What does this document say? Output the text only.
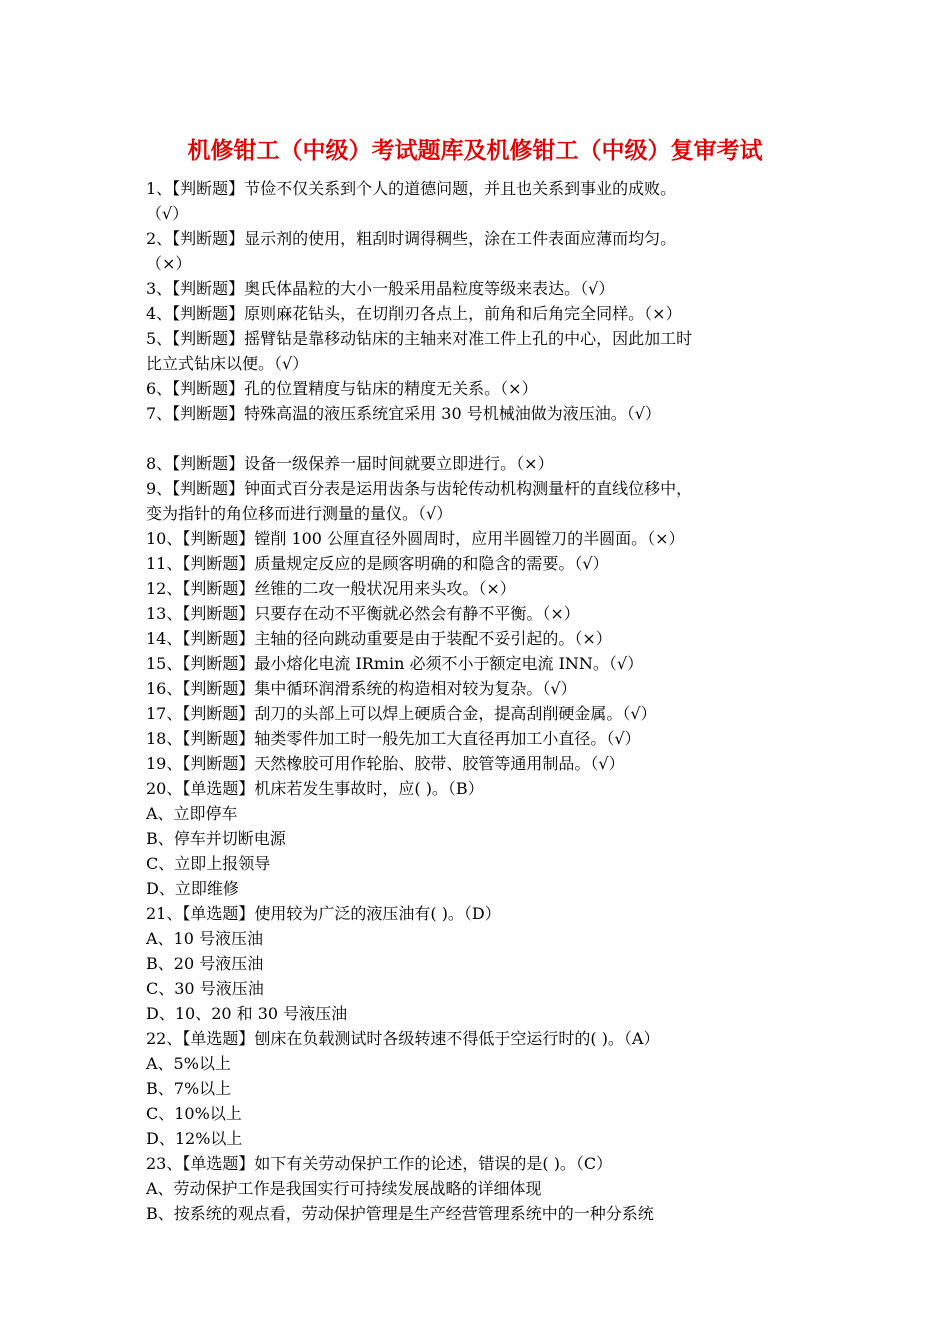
机修钳工（中级）考试题库及机修钳工（中级）复审考试
1、【判断题】节俭不仅关系到个人的道德问题，并且也关系到事业的成败。
（√）
2、【判断题】显示剂的使用，粗刮时调得稠些，涂在工件表面应薄而均匀。
（×）
3、【判断题】奥氏体晶粒的大小一般采用晶粒度等级来表达。（√）
4、【判断题】原则麻花钻头，在切削刃各点上，前角和后角完全同样。（×）
5、【判断题】摇臂钻是靠移动钻床的主轴来对准工件上孔的中心，因此加工时
比立式钻床以便。（√）
6、【判断题】孔的位置精度与钻床的精度无关系。（×）
7、【判断题】特殊高温的液压系统宜采用 30 号机械油做为液压油。（√）
8、【判断题】设备一级保养一届时间就要立即进行。（×）
9、【判断题】钟面式百分表是运用齿条与齿轮传动机构测量杆的直线位移中，
变为指针的角位移而进行测量的量仪。（√）
10、【判断题】镗削 100 公厘直径外圆周时，应用半圆镗刀的半圆面。（×）
11、【判断题】质量规定反应的是顾客明确的和隐含的需要。（√）
12、【判断题】丝锥的二攻一般状况用来头攻。（×）
13、【判断题】只要存在动不平衡就必然会有静不平衡。（×）
14、【判断题】主轴的径向跳动重要是由于装配不妥引起的。（×）
15、【判断题】最小熔化电流 IRmin 必须不小于额定电流 INN。（√）
16、【判断题】集中循环润滑系统的构造相对较为复杂。（√）
17、【判断题】刮刀的头部上可以焊上硬质合金，提高刮削硬金属。（√）
18、【判断题】轴类零件加工时一般先加工大直径再加工小直径。（√）
19、【判断题】天然橡胶可用作轮胎、胶带、胶管等通用制品。（√）
20、【单选题】机床若发生事故时，应( )。（B）
A、立即停车
B、停车并切断电源
C、立即上报领导
D、立即维修
21、【单选题】使用较为广泛的液压油有( )。（D）
A、10 号液压油
B、20 号液压油
C、30 号液压油
D、10、20 和 30 号液压油
22、【单选题】刨床在负载测试时各级转速不得低于空运行时的( )。（A）
A、5%以上
B、7%以上
C、10%以上
D、12%以上
23、【单选题】如下有关劳动保护工作的论述，错误的是( )。（C）
A、劳动保护工作是我国实行可持续发展战略的详细体现
B、按系统的观点看，劳动保护管理是生产经营管理系统中的一种分系统
